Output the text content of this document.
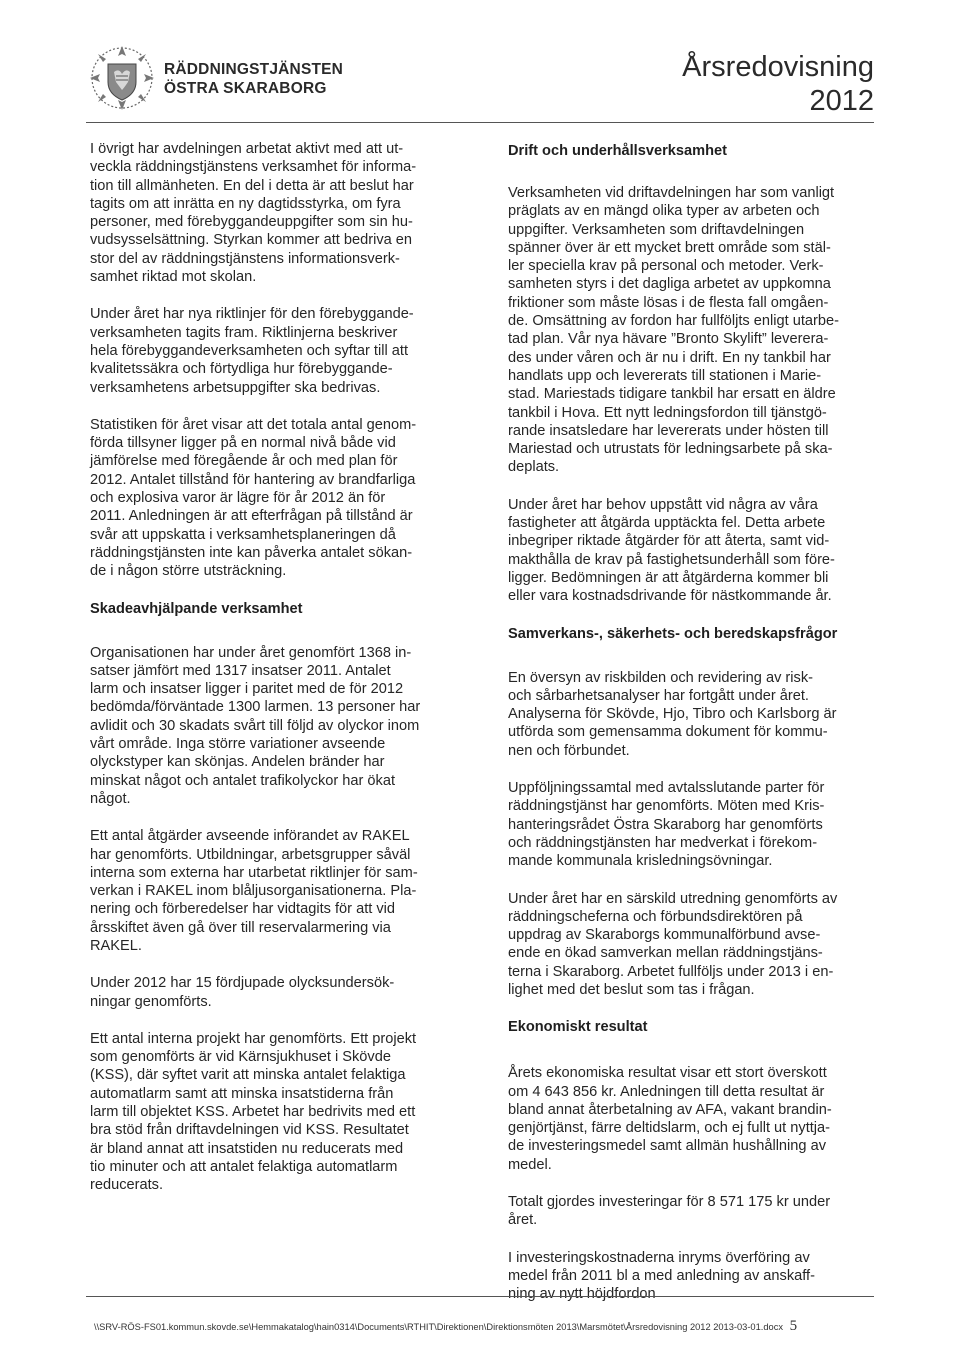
RÄDDNINGSTJÄNSTEN
ÖSTRA SKARABORG
Årsredovisning
2012

I övrigt har avdelningen arbetat aktivt med att ut-
veckla räddningstjänstens verksamhet för informa-
tion till allmänheten. En del i detta är att beslut har
tagits om att inrätta en ny dagtidsstyrka, om fyra
personer, med förebyggandeuppgifter som sin hu-
vudsysselsättning. Styrkan kommer att bedriva en
stor del av räddningstjänstens informationsverk-
samhet riktad mot skolan.

Under året har nya riktlinjer för den förebyggande-
verksamheten tagits fram. Riktlinjerna beskriver
hela förebyggandeverksamheten och syftar till att
kvalitetssäkra och förtydliga hur förebyggande-
verksamhetens arbetsuppgifter ska bedrivas.

Statistiken för året visar att det totala antal genom-
förda tillsyner ligger på en normal nivå både vid
jämförelse med föregående år och med plan för
2012. Antalet tillstånd för hantering av brandfarliga
och explosiva varor är lägre för år 2012 än för
2011. Anledningen är att efterfrågan på tillstånd är
svår att uppskatta i verksamhetsplaneringen då
räddningstjänsten inte kan påverka antalet sökan-
de i någon större utsträckning.

Skadeavhjälpande verksamhet

Organisationen har under året genomfört 1368 in-
satser jämfört med 1317 insatser 2011. Antalet
larm och insatser ligger i paritet med de för 2012
bedömda/förväntade 1300 larmen. 13 personer har
avlidit och 30 skadats svårt till följd av olyckor inom
vårt område. Inga större variationer avseende
olyckstyper kan skönjas. Andelen bränder har
minskat något och antalet trafikolyckor har ökat
något.

Ett antal åtgärder avseende införandet av RAKEL
har genomförts. Utbildningar, arbetsgrupper såväl
interna som externa har utarbetat riktlinjer för sam-
verkan i RAKEL inom blåljusorganisationerna. Pla-
nering och förberedelser har vidtagits för att vid
årsskiftet även gå över till reservalarmering via
RAKEL.

Under 2012 har 15 fördjupade olycksundersök-
ningar genomförts.

Ett antal interna projekt har genomförts. Ett projekt
som genomförts är vid Kärnsjukhuset i Skövde
(KSS), där syftet varit att minska antalet felaktiga
automatlarm samt att minska insatstiderna från
larm till objektet KSS. Arbetet har bedrivits med ett
bra stöd från driftavdelningen vid KSS. Resultatet
är bland annat att insatstiden nu reducerats med
tio minuter och att antalet felaktiga automatlarm
reducerats.

Drift och underhållsverksamhet

Verksamheten vid driftavdelningen har som vanligt
präglats av en mängd olika typer av arbeten och
uppgifter. Verksamheten som driftavdelningen
spänner över är ett mycket brett område som stäl-
ler speciella krav på personal och metoder. Verk-
samheten styrs i det dagliga arbetet av uppkomna
friktioner som måste lösas i de flesta fall omgåen-
de. Omsättning av fordon har fullföljts enligt utarbe-
tad plan. Vår nya hävare ”Bronto Skylift” levererа-
des under våren och är nu i drift. En ny tankbil har
handlats upp och levererats till stationen i Marie-
stad. Mariestads tidigare tankbil har ersatt en äldre
tankbil i Hova. Ett nytt ledningsfordon till tjänstgö-
rande insatsledare har levererats under hösten till
Mariestad och utrustats för ledningsarbete på ska-
deplats.

Under året har behov uppstått vid några av våra
fastigheter att åtgärda upptäckta fel. Detta arbete
inbegriper riktade åtgärder för att återta, samt vid-
makthålla de krav på fastighetsunderhåll som före-
ligger. Bedömningen är att åtgärderna kommer bli
eller vara kostnadsdrivande för nästkommande år.

Samverkans-, säkerhets- och beredskapsfrågor

En översyn av riskbilden och revidering av risk-
och sårbarhetsanalyser har fortgått under året.
Analyserna för Skövde, Hjo, Tibro och Karlsborg är
utförda som gemensamma dokument för kommu-
nen och förbundet.

Uppföljningssamtal med avtalsslutande parter för
räddningstjänst har genomförts. Möten med Kris-
hanteringsrådet Östra Skaraborg har genomförts
och räddningstjänsten har medverkat i förekom-
mande kommunala krisledningsövningar.

Under året har en särskild utredning genomförts av
räddningscheferna och förbundsdirektören på
uppdrag av Skaraborgs kommunalförbund avse-
ende en ökad samverkan mellan räddningstjäns-
terna i Skaraborg. Arbetet fullföljs under 2013 i en-
lighet med det beslut som tas i frågan.

Ekonomiskt resultat

Årets ekonomiska resultat visar ett stort överskott
om 4 643 856 kr. Anledningen till detta resultat är
bland annat återbetalning av AFA, vakant brandin-
genjörtjänst, färre deltidslarm, och ej fullt ut nyttja-
de investeringsmedel samt allmän hushållning av
medel.

Totalt gjordes investeringar för 8 571 175 kr under
året.

I investeringskostnaderna inryms överföring av
medel från 2011 bl a med anledning av anskaff-
ning av nytt höjdfordon

\\SRV-RÖS-FS01.kommun.skovde.se\Hemmakatalog\hain0314\Documents\RTHIT\Direktionen\Direktionsmöten 2013\Marsmötet\Årsredovisning 2012 2013-03-01.docx 5
